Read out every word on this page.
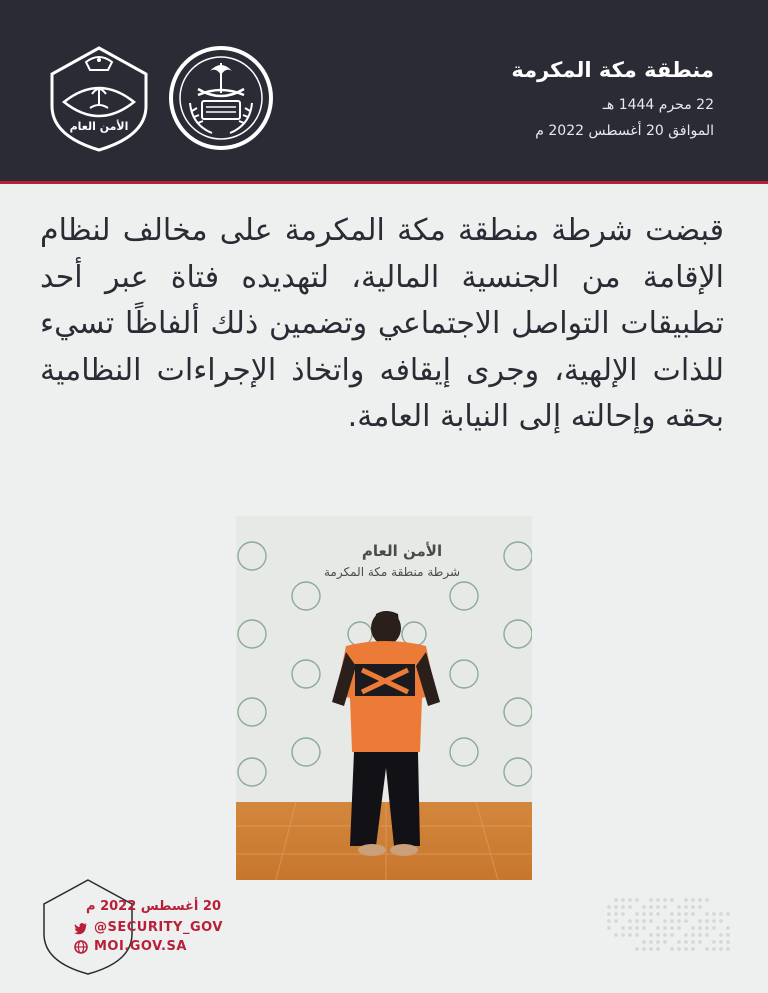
الأمن العام
منطقة مكة المكرمة
22 محرم 1444 هـ
الموافق 20 أغسطس 2022 م
قبضت شرطة منطقة مكة المكرمة على مخالف لنظام الإقامة من الجنسية المالية، لتهديده فتاة عبر أحد تطبيقات التواصل الاجتماعي وتضمين ذلك ألفاظًا تسيء للذات الإلهية، وجرى إيقافه واتخاذ الإجراءات النظامية بحقه وإحالته إلى النيابة العامة.
الأمن العام
شرطة منطقة مكة المكرمة
20 أغسطس 2022 م
@SECURITY_GOV
MOI.GOV.SA
